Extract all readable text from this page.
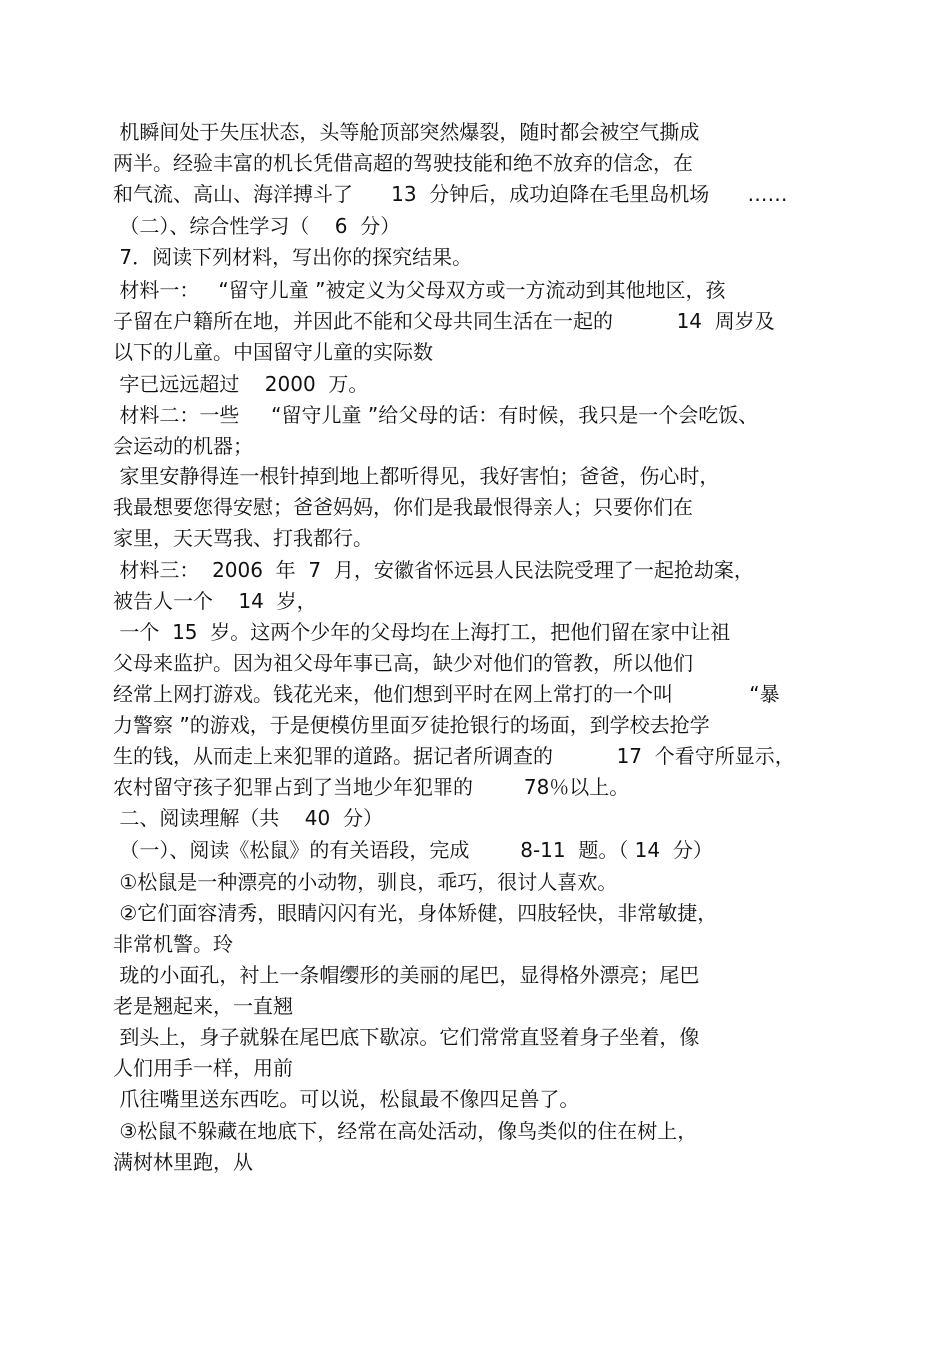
机瞬间处于失压状态，头等舱顶部突然爆裂，随时都会被空气撕成
两半。经验丰富的机长凭借高超的驾驶技能和绝不放弃的信念，在
和气流、高山、海洋搏斗了      13  分钟后，成功迫降在毛里岛机场      ……
（二）、综合性学习（    6  分）
7．阅读下列材料，写出你的探究结果。
材料一：   “留守儿童 ”被定义为父母双方或一方流动到其他地区，孩
子留在户籍所在地，并因此不能和父母共同生活在一起的          14  周岁及
以下的儿童。中国留守儿童的实际数
字已远远超过    2000  万。
材料二：一些     “留守儿童 ”给父母的话：有时候，我只是一个会吃饭、
会运动的机器；
家里安静得连一根针掉到地上都听得见，我好害怕；爸爸，伤心时，
我最想要您得安慰；爸爸妈妈，你们是我最恨得亲人；只要你们在
家里，天天骂我、打我都行。
材料三：  2006  年  7  月，安徽省怀远县人民法院受理了一起抢劫案，
被告人一个    14  岁，
一个  15  岁。这两个少年的父母均在上海打工，把他们留在家中让祖
父母来监护。因为祖父母年事已高，缺少对他们的管教，所以他们
经常上网打游戏。钱花光来，他们想到平时在网上常打的一个叫            “暴
力警察 ”的游戏，于是便模仿里面歹徒抢银行的场面，到学校去抢学
生的钱，从而走上来犯罪的道路。据记者所调查的          17  个看守所显示，
农村留守孩子犯罪占到了当地少年犯罪的        78％以上。
二、阅读理解（共    40  分）
（一）、阅读《松鼠》的有关语段，完成        8-11  题。（ 14  分）
①松鼠是一种漂亮的小动物，驯良，乖巧，很讨人喜欢。
②它们面容清秀，眼睛闪闪有光，身体矫健，四肢轻快，非常敏捷，
非常机警。玲
珑的小面孔，衬上一条帽缨形的美丽的尾巴，显得格外漂亮；尾巴
老是翘起来，一直翘
到头上，身子就躲在尾巴底下歇凉。它们常常直竖着身子坐着，像
人们用手一样，用前
爪往嘴里送东西吃。可以说，松鼠最不像四足兽了。
③松鼠不躲藏在地底下，经常在高处活动，像鸟类似的住在树上，
满树林里跑，从
